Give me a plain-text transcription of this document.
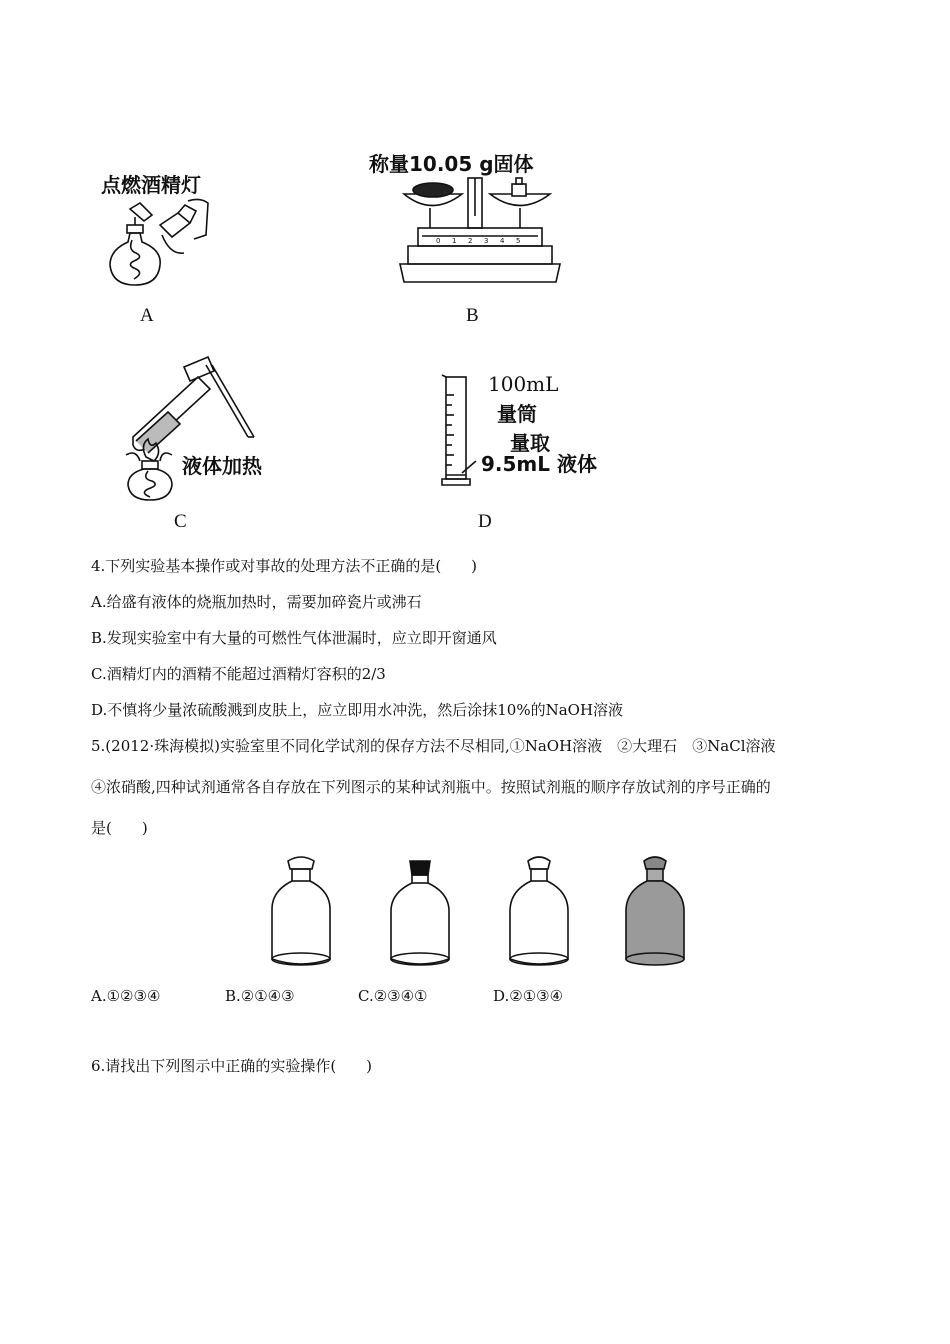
点燃酒精灯
A
称量10.05 g固体
0 1 2 3 4 5
B
液体加热
C
100mL
量筒
量取
9.5mL 液体
D
4.下列实验基本操作或对事故的处理方法不正确的是(　　)
A.给盛有液体的烧瓶加热时，需要加碎瓷片或沸石
B.发现实验室中有大量的可燃性气体泄漏时，应立即开窗通风
C.酒精灯内的酒精不能超过酒精灯容积的2/3
D.不慎将少量浓硫酸溅到皮肤上，应立即用水冲洗，然后涂抹10%的NaOH溶液
5.(2012·珠海模拟)实验室里不同化学试剂的保存方法不尽相同,①NaOH溶液　②大理石　③NaCl溶液
④浓硝酸,四种试剂通常各自存放在下列图示的某种试剂瓶中。按照试剂瓶的顺序存放试剂的序号正确的
是(　　)
A.①②③④	B.②①④③	C.②③④①	D.②①③④
6.请找出下列图示中正确的实验操作(　　)
